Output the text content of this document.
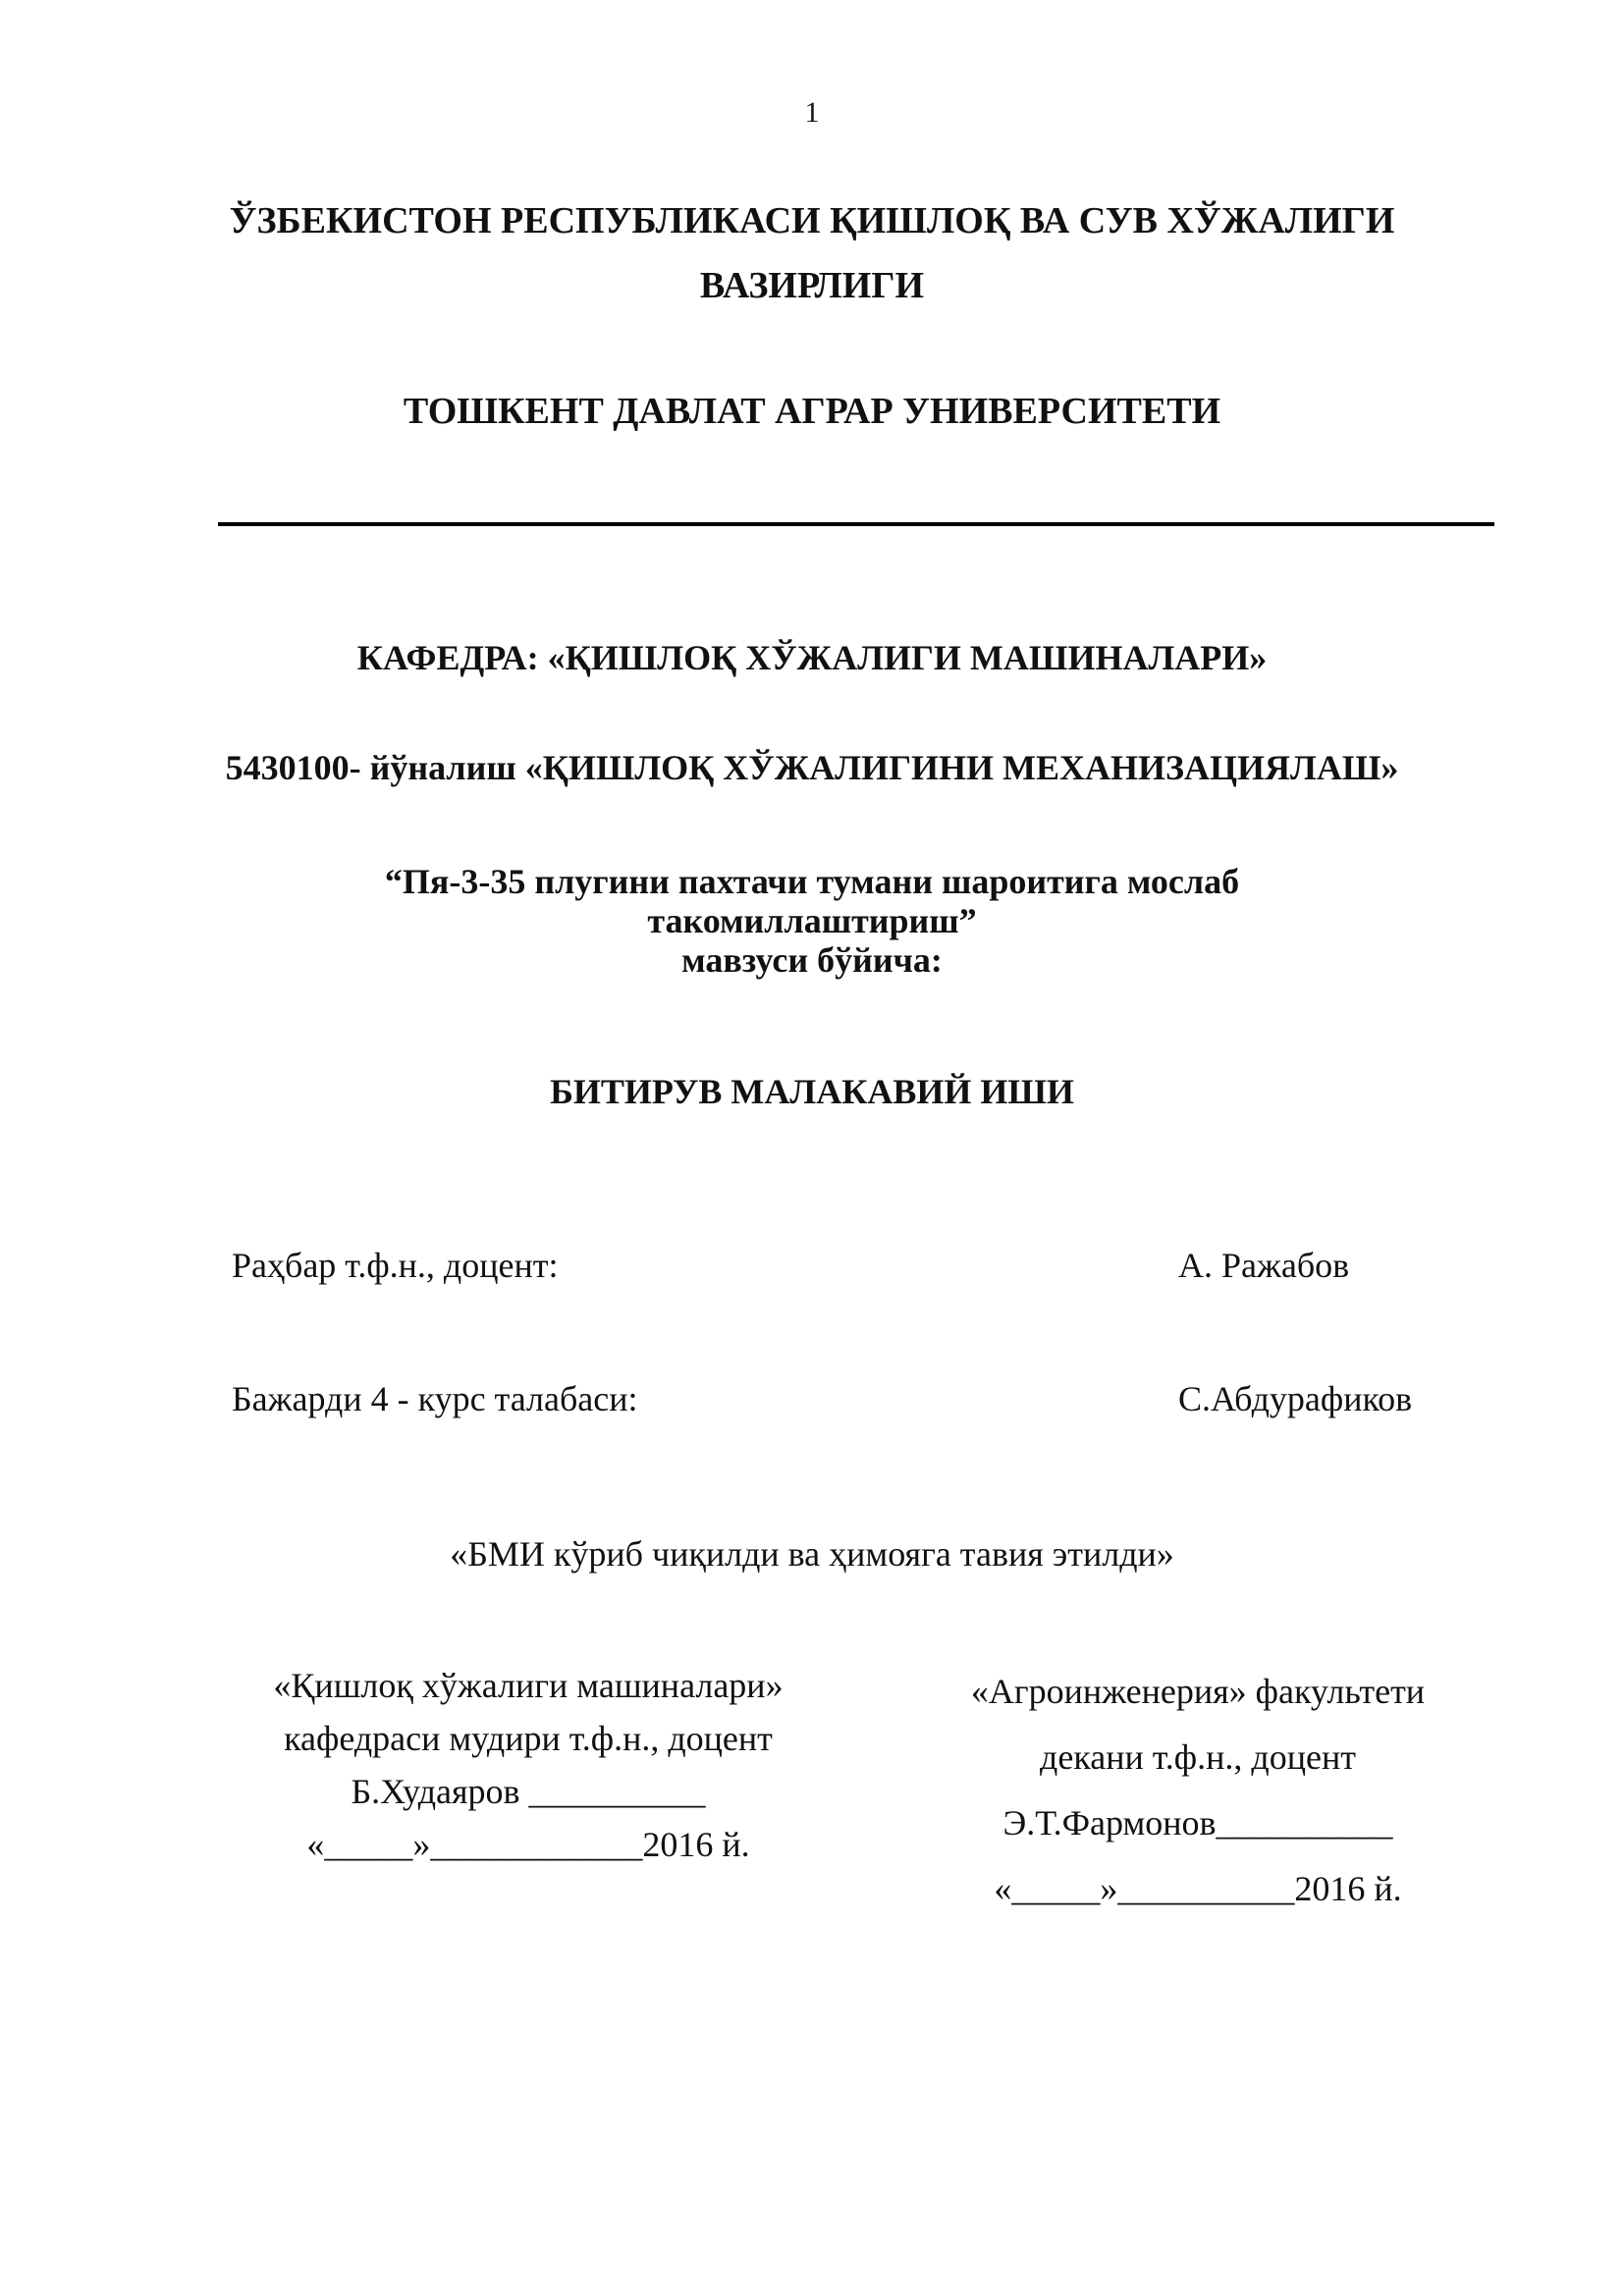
1
ЎЗБЕКИСТОН РЕСПУБЛИКАСИ ҚИШЛОҚ ВА СУВ ХЎЖАЛИГИ
ВАЗИРЛИГИ
ТОШКЕНТ ДАВЛАТ АГРАР УНИВЕРСИТЕТИ
КАФЕДРА: «ҚИШЛОҚ ХЎЖАЛИГИ МАШИНАЛАРИ»
5430100- йўналиш «ҚИШЛОҚ ХЎЖАЛИГИНИ МЕХАНИЗАЦИЯЛАШ»
“Пя-3-35 плугини пахтачи тумани шароитига мослаб
такомиллаштириш”
мавзуси бўйича:
БИТИРУВ МАЛАКАВИЙ ИШИ
Раҳбар т.ф.н., доцент:	А. Ражабов
Бажарди 4 - курс талабаси:	С.Абдурафиков
«БМИ кўриб чиқилди ва ҳимояга тавия этилди»
«Қишлоқ хўжалиги машиналари»
кафедраси мудири т.ф.н., доцент
Б.Худаяров __________
«_____»____________2016 й.
«Агроинженерия» факультети
декани т.ф.н., доцент
Э.Т.Фармонов__________
«_____»__________2016 й.
